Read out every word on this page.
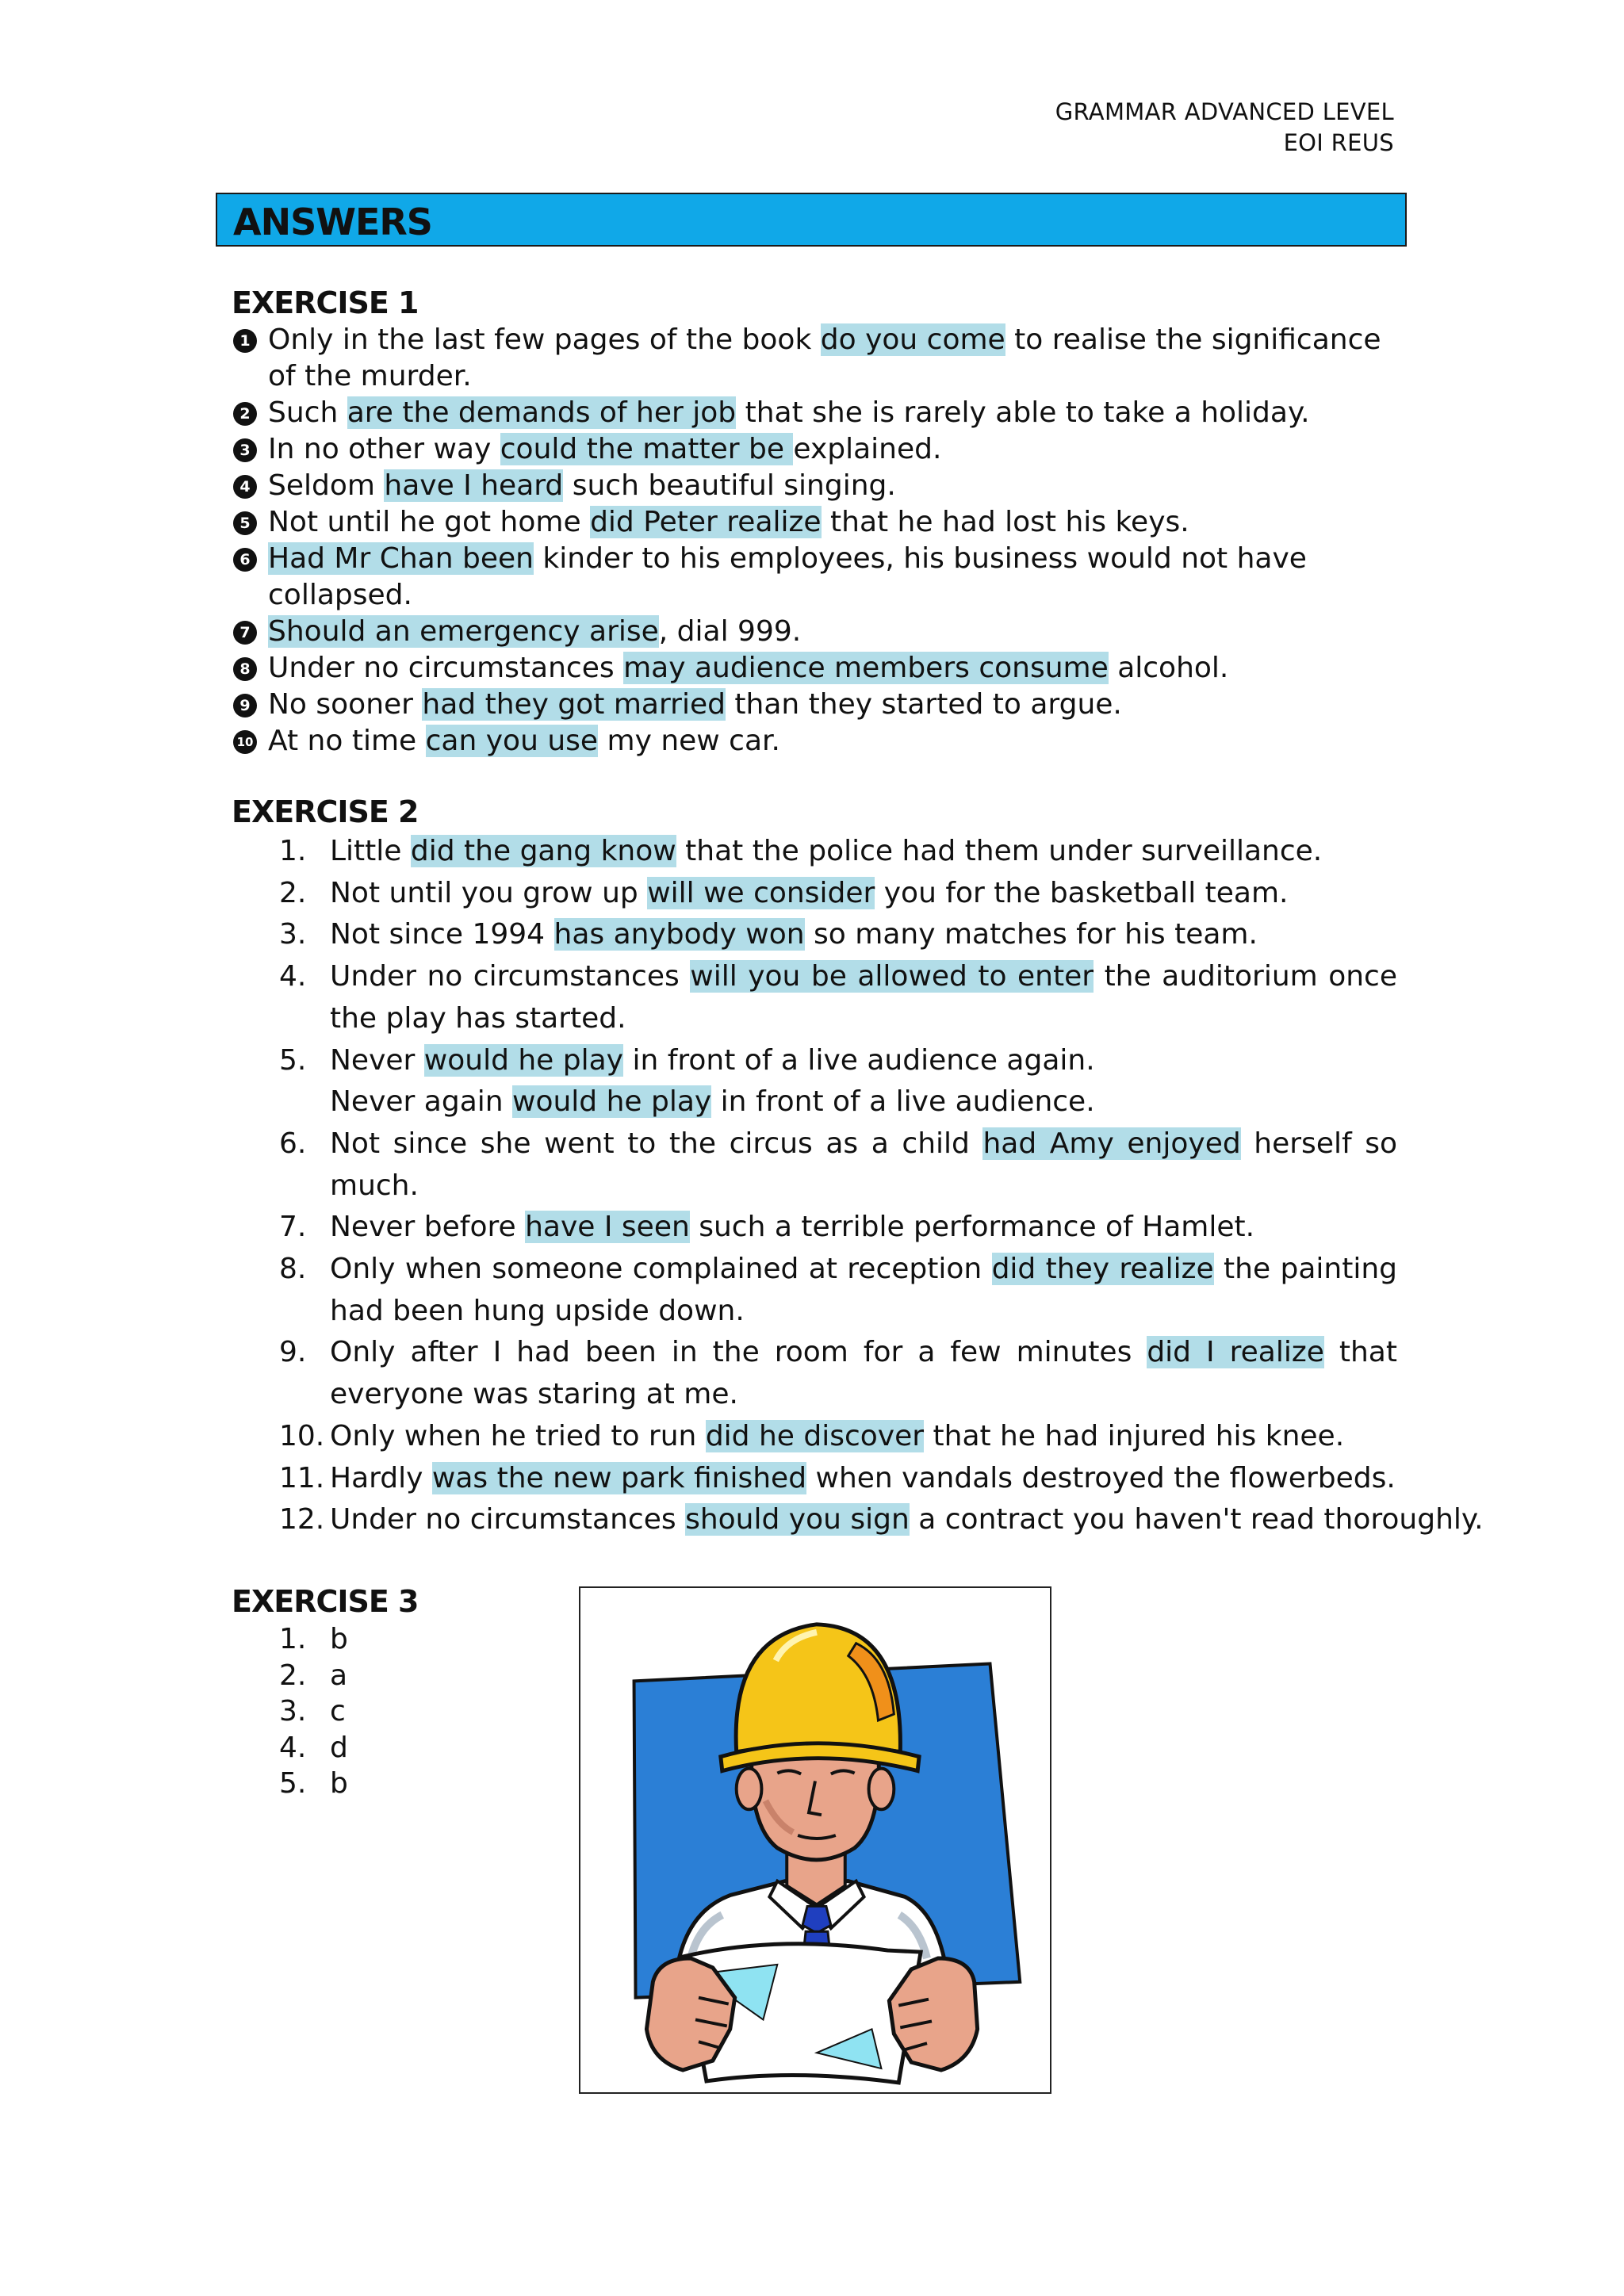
GRAMMAR ADVANCED LEVEL
EOI REUS
ANSWERS
EXERCISE 1
1 Only in the last few pages of the book do you come to realise the significance of the murder.
2 Such are the demands of her job that she is rarely able to take a holiday.
3 In no other way could the matter be explained.
4 Seldom have I heard such beautiful singing.
5 Not until he got home did Peter realize that he had lost his keys.
6 Had Mr Chan been kinder to his employees, his business would not have collapsed.
7 Should an emergency arise, dial 999.
8 Under no circumstances may audience members consume alcohol.
9 No sooner had they got married than they started to argue.
10 At no time can you use my new car.
EXERCISE 2
1. Little did the gang know that the police had them under surveillance.
2. Not until you grow up will we consider you for the basketball team.
3. Not since 1994 has anybody won so many matches for his team.
4. Under no circumstances will you be allowed to enter the auditorium once the play has started.
5. Never would he play in front of a live audience again.
Never again would he play in front of a live audience.
6. Not since she went to the circus as a child had Amy enjoyed herself so much.
7. Never before have I seen such a terrible performance of Hamlet.
8. Only when someone complained at reception did they realize the painting had been hung upside down.
9. Only after I had been in the room for a few minutes did I realize that everyone was staring at me.
10. Only when he tried to run did he discover that he had injured his knee.
11. Hardly was the new park finished when vandals destroyed the flowerbeds.
12. Under no circumstances should you sign a contract you haven't read thoroughly.
EXERCISE 3
1. b
2. a
3. c
4. d
5. b
